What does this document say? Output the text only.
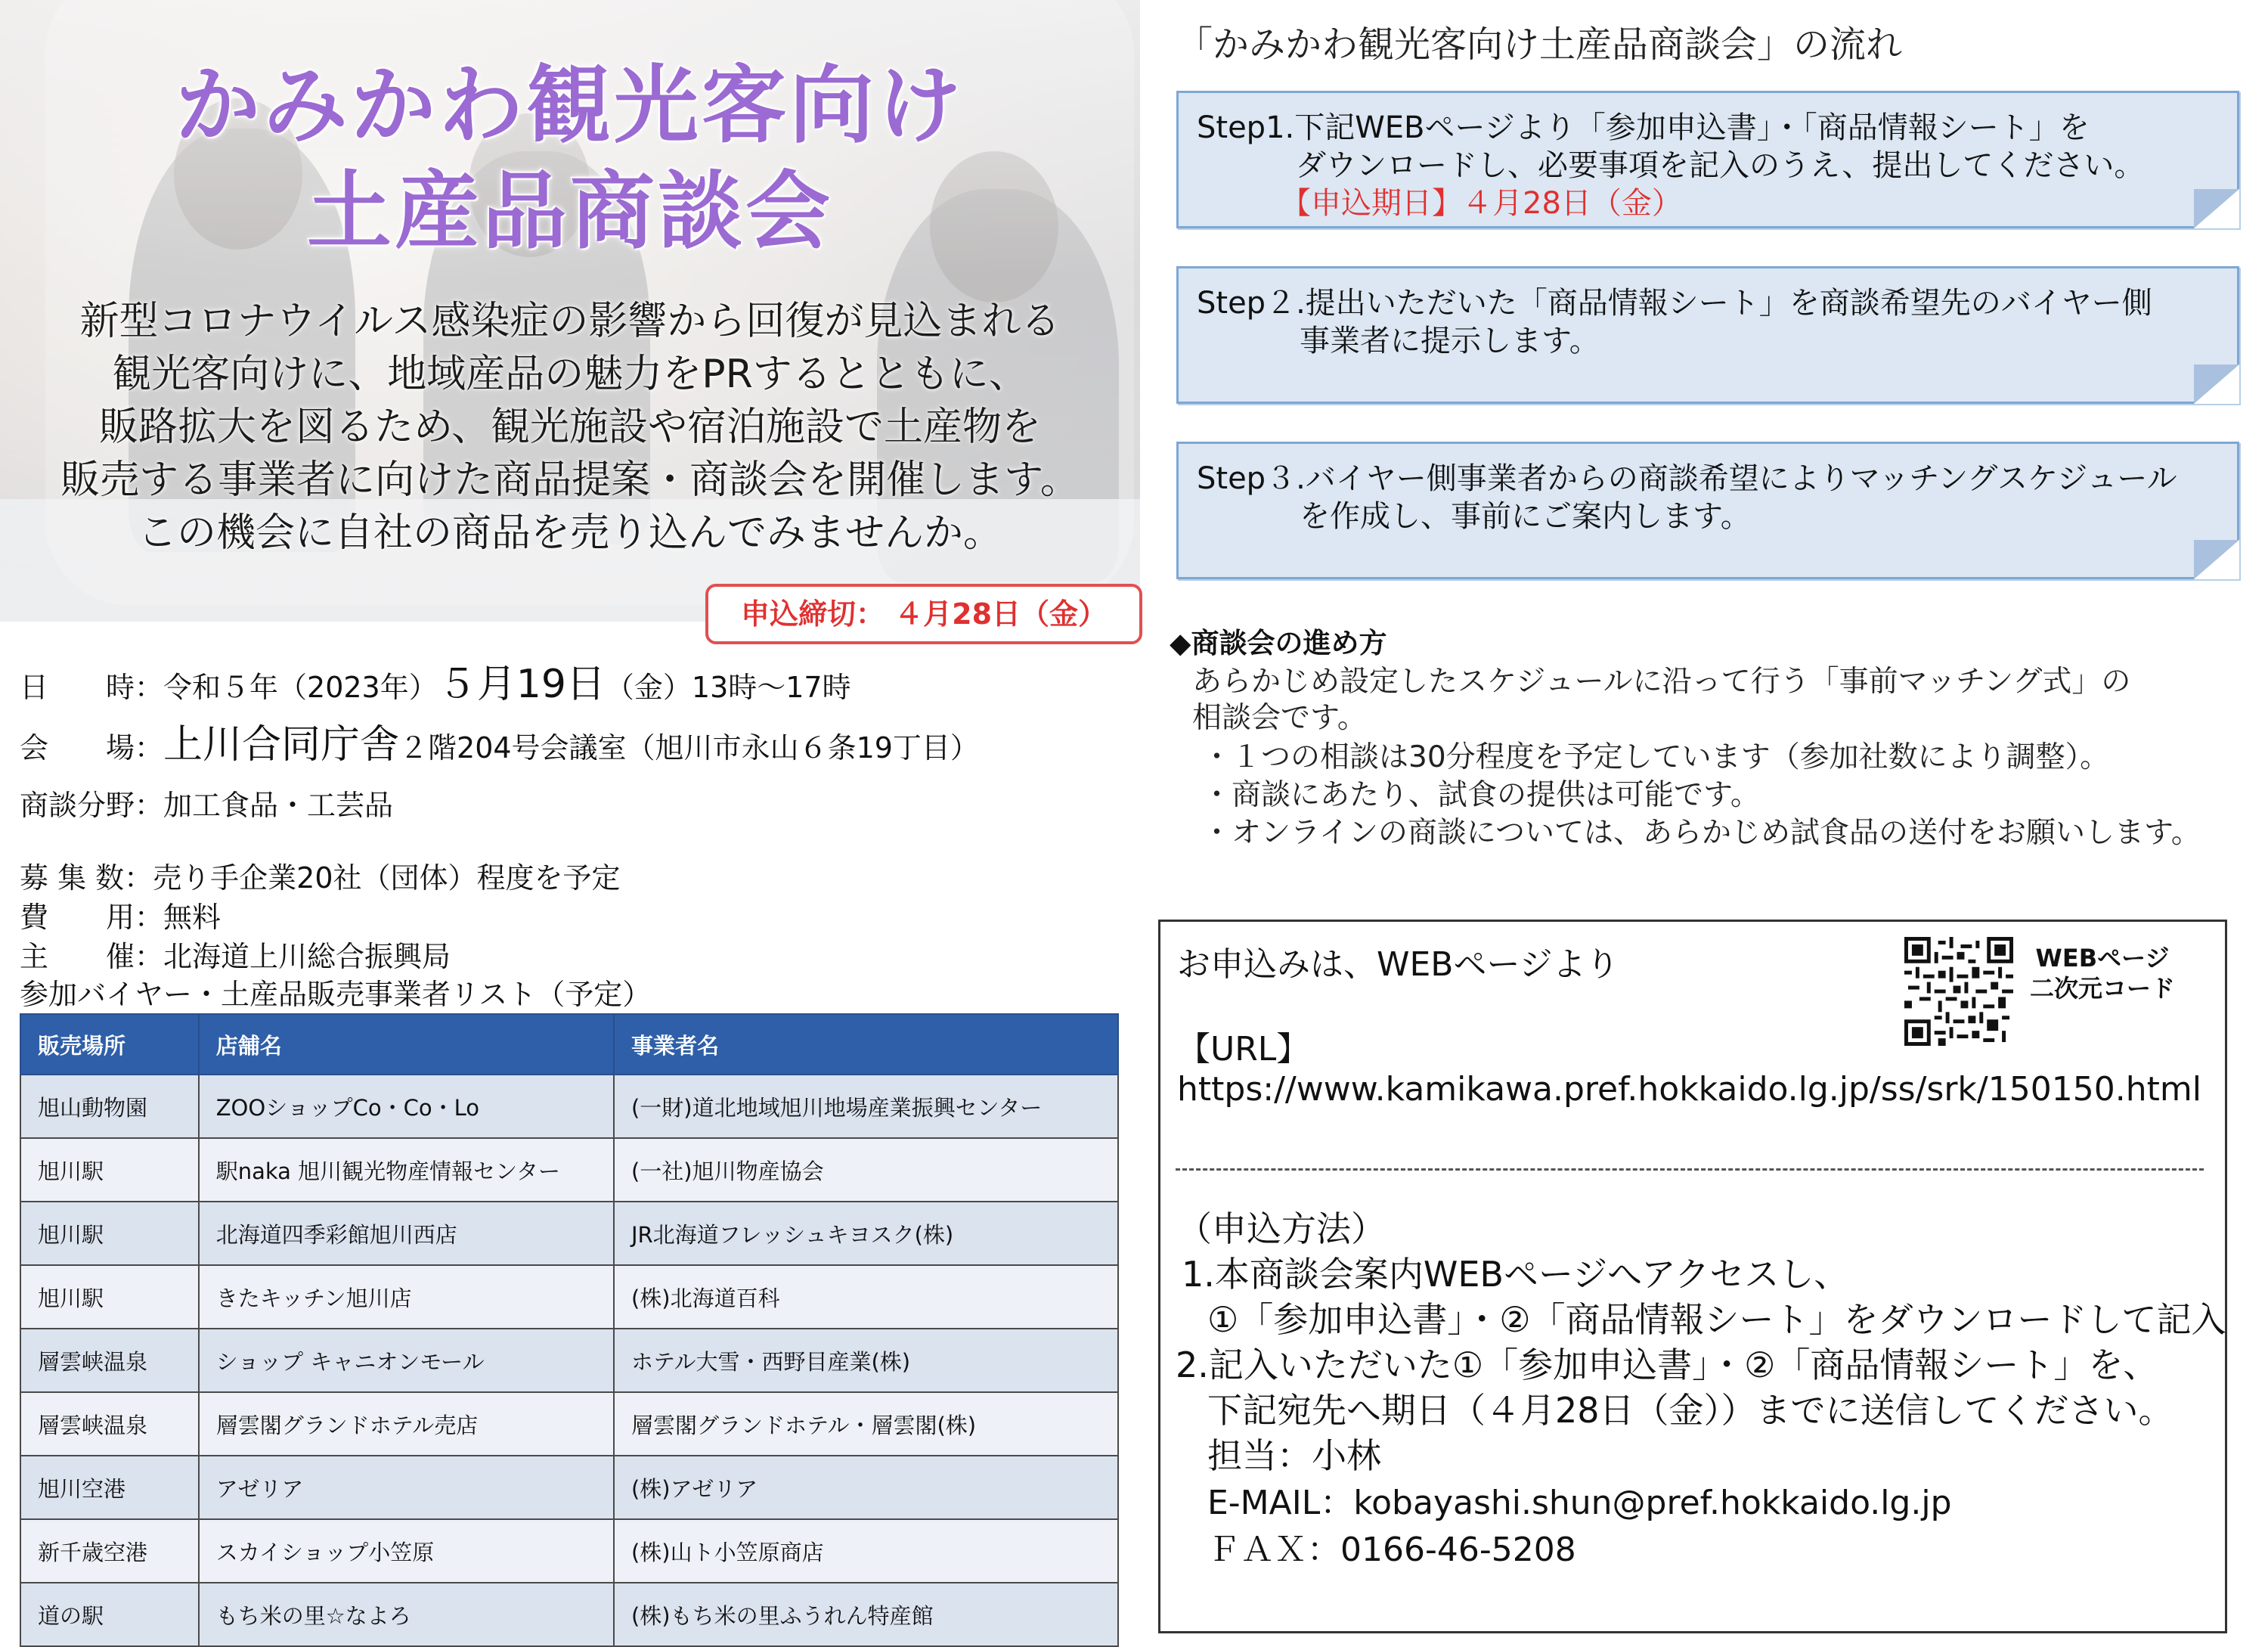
かみかわ観光客向け
土産品商談会
新型コロナウイルス感染症の影響から回復が見込まれる
観光客向けに、地域産品の魅力をPRするとともに、
販路拡大を図るため、観光施設や宿泊施設で土産物を
販売する事業者に向けた商品提案・商談会を開催します。
この機会に自社の商品を売り込んでみませんか。
申込締切： ４月28日（金）
日　　時：令和５年（2023年）５月19日（金）13時～17時
会　　場：上川合同庁舎２階204号会議室（旭川市永山６条19丁目）
商談分野：加工食品・工芸品
募 集 数：売り手企業20社（団体）程度を予定
費　　用：無料
主　　催：北海道上川総合振興局
参加バイヤー・土産品販売事業者リスト（予定）
販売場所	店舗名	事業者名
旭山動物園	ZOOショップCo・Co・Lo	(一財)道北地域旭川地場産業振興センター
旭川駅	駅naka 旭川観光物産情報センター	(一社)旭川物産協会
旭川駅	北海道四季彩館旭川西店	JR北海道フレッシュキヨスク(株)
旭川駅	きたキッチン旭川店	(株)北海道百科
層雲峡温泉	ショップ キャニオンモール	ホテル大雪・西野目産業(株)
層雲峡温泉	層雲閣グランドホテル売店	層雲閣グランドホテル・層雲閣(株)
旭川空港	アゼリア	(株)アゼリア
新千歳空港	スカイショップ小笠原	(株)山ト小笠原商店
道の駅	もち米の里☆なよろ	(株)もち米の里ふうれん特産館
「かみかわ観光客向け土産品商談会」の流れ
Step1.下記WEBページより「参加申込書」・「商品情報シート」を
ダウンロードし、必要事項を記入のうえ、提出してください。
【申込期日】４月28日（金）
Step２.提出いただいた「商品情報シート」を商談希望先のバイヤー側
事業者に提示します。
Step３.バイヤー側事業者からの商談希望によりマッチングスケジュール
を作成し、事前にご案内します。
◆商談会の進め方
あらかじめ設定したスケジュールに沿って行う「事前マッチング式」の
相談会です。
・１つの相談は30分程度を予定しています（参加社数により調整）。
・商談にあたり、試食の提供は可能です。
・オンラインの商談については、あらかじめ試食品の送付をお願いします。
お申込みは、WEBページより	WEBページ
二次元コード
【URL】
https://www.kamikawa.pref.hokkaido.lg.jp/ss/srk/150150.html
（申込方法）
1.本商談会案内WEBページへアクセスし、
①「参加申込書」・②「商品情報シート」をダウンロードして記入
2.記入いただいた①「参加申込書」・②「商品情報シート」を、
下記宛先へ期日（４月28日（金））までに送信してください。
担当：小林
E-MAIL：kobayashi.shun@pref.hokkaido.lg.jp
ＦＡＸ：0166-46-5208
